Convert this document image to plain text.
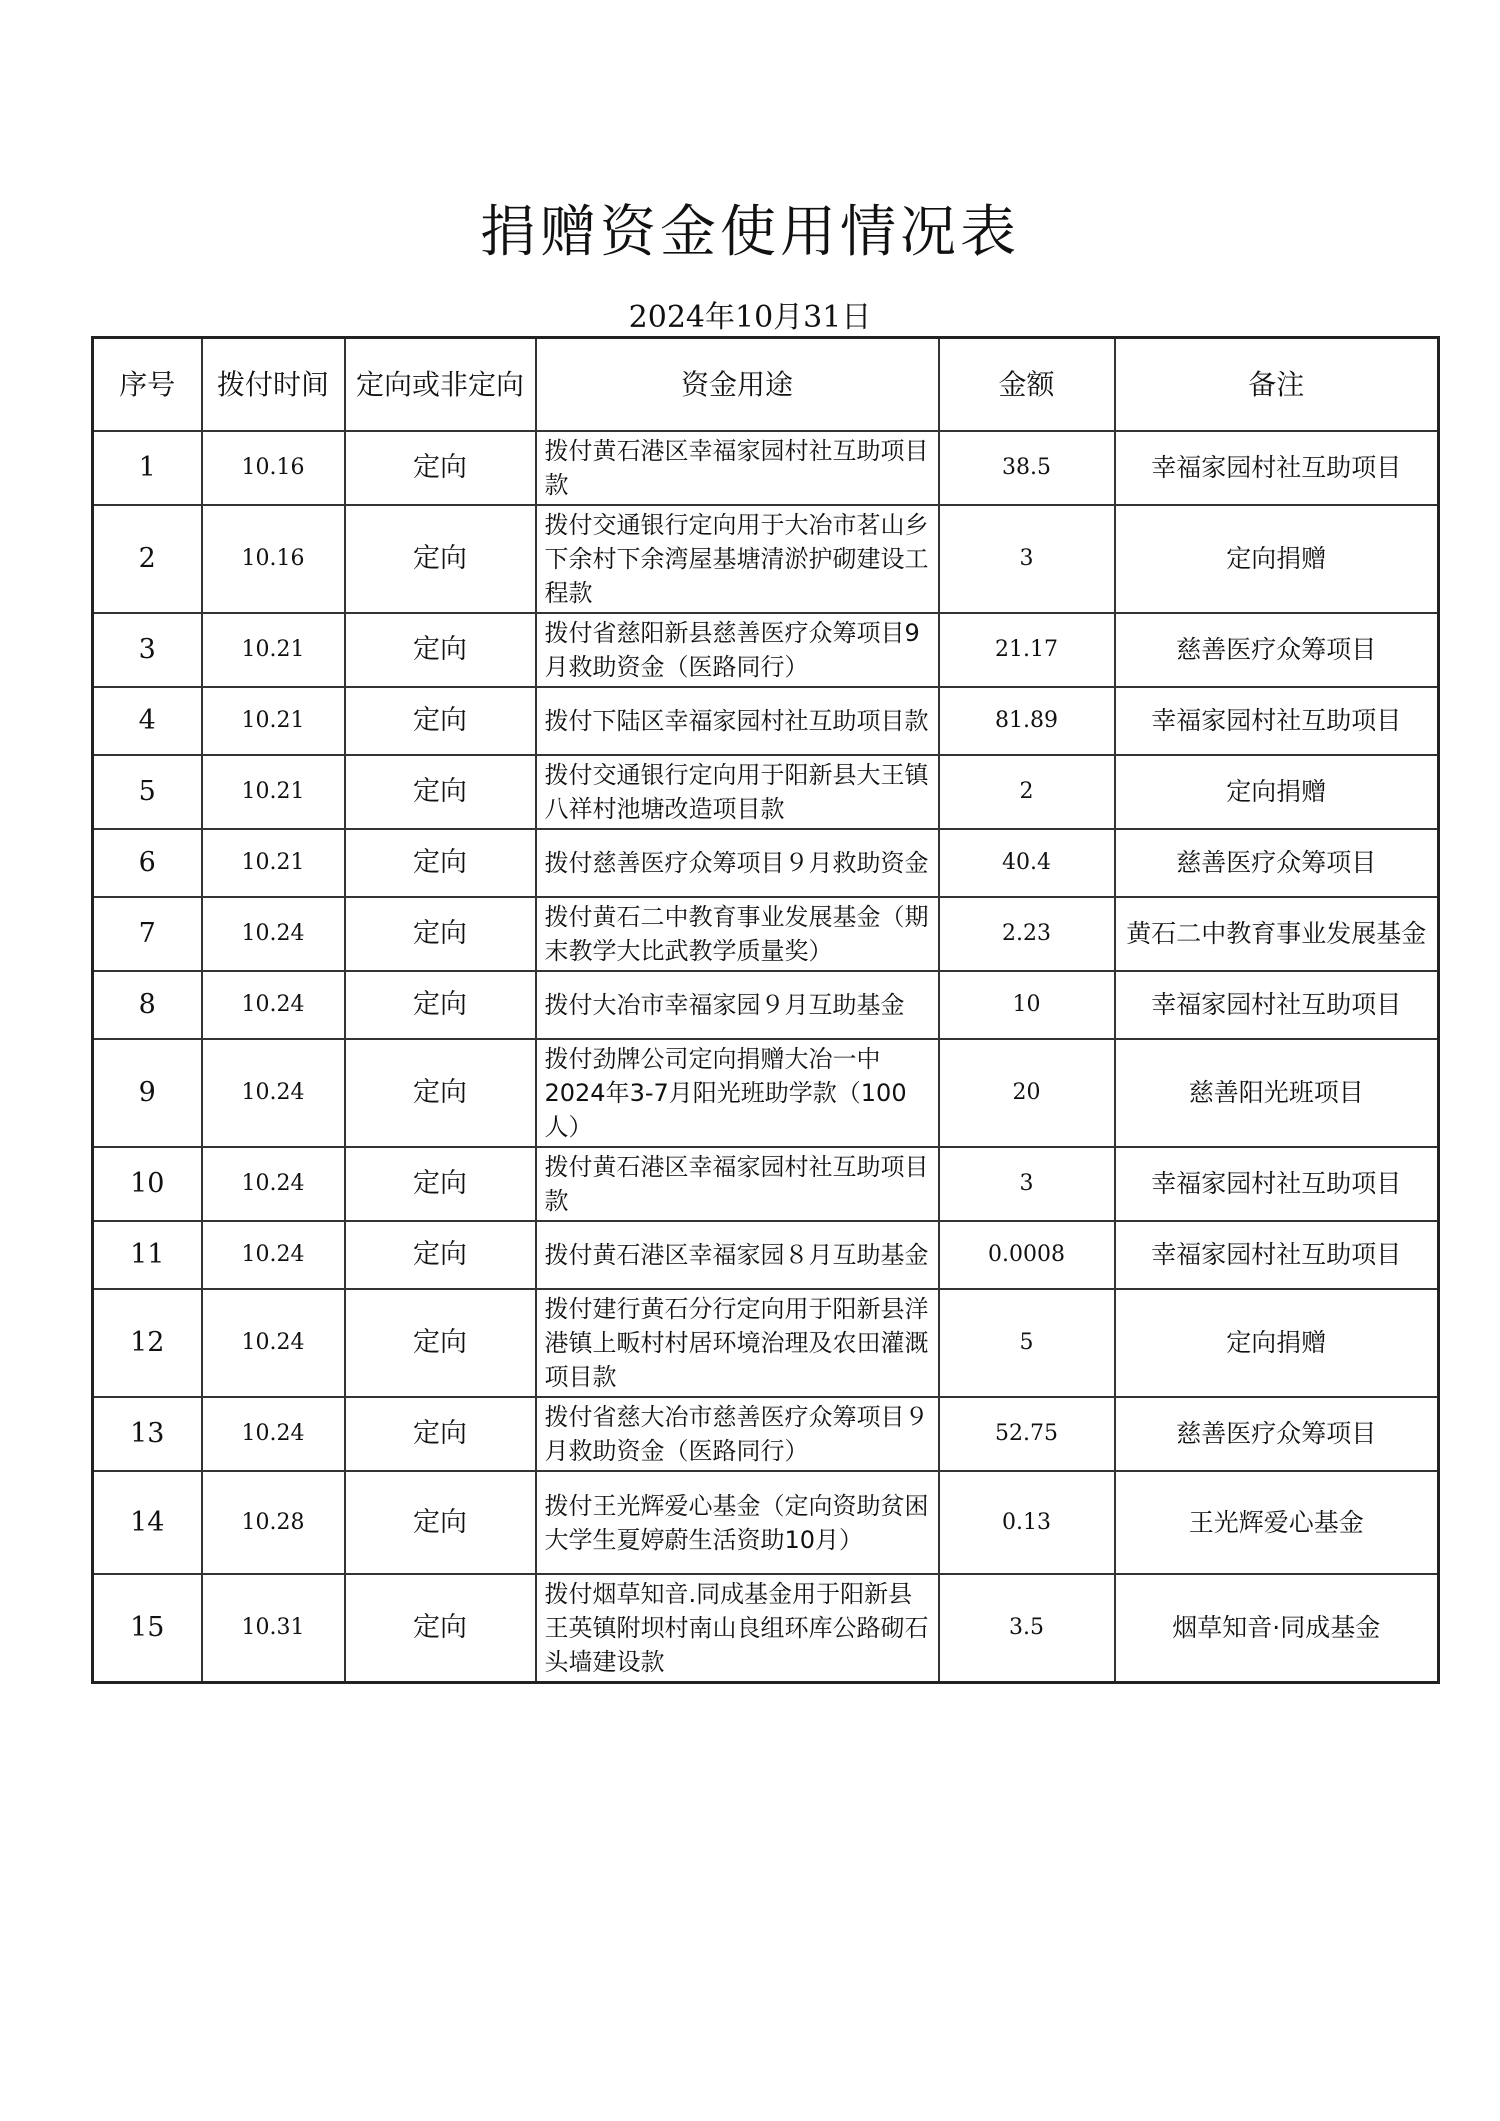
捐赠资金使用情况表
2024年10月31日
序号	拨付时间	定向或非定向	资金用途	金额	备注
1	10.16	定向	拨付黄石港区幸福家园村社互助项目款	38.5	幸福家园村社互助项目
2	10.16	定向	拨付交通银行定向用于大冶市茗山乡下余村下余湾屋基塘清淤护砌建设工程款	3	定向捐赠
3	10.21	定向	拨付省慈阳新县慈善医疗众筹项目9月救助资金（医路同行）	21.17	慈善医疗众筹项目
4	10.21	定向	拨付下陆区幸福家园村社互助项目款	81.89	幸福家园村社互助项目
5	10.21	定向	拨付交通银行定向用于阳新县大王镇八祥村池塘改造项目款	2	定向捐赠
6	10.21	定向	拨付慈善医疗众筹项目９月救助资金	40.4	慈善医疗众筹项目
7	10.24	定向	拨付黄石二中教育事业发展基金（期末教学大比武教学质量奖）	2.23	黄石二中教育事业发展基金
8	10.24	定向	拨付大冶市幸福家园９月互助基金	10	幸福家园村社互助项目
9	10.24	定向	拨付劲牌公司定向捐赠大冶一中2024年3-7月阳光班助学款（100人）	20	慈善阳光班项目
10	10.24	定向	拨付黄石港区幸福家园村社互助项目款	3	幸福家园村社互助项目
11	10.24	定向	拨付黄石港区幸福家园８月互助基金	0.0008	幸福家园村社互助项目
12	10.24	定向	拨付建行黄石分行定向用于阳新县洋港镇上畈村村居环境治理及农田灌溉项目款	5	定向捐赠
13	10.24	定向	拨付省慈大冶市慈善医疗众筹项目９月救助资金（医路同行）	52.75	慈善医疗众筹项目
14	10.28	定向	拨付王光辉爱心基金（定向资助贫困大学生夏婷蔚生活资助10月）	0.13	王光辉爱心基金
15	10.31	定向	拨付烟草知音.同成基金用于阳新县王英镇附坝村南山良组环库公路砌石头墙建设款	3.5	烟草知音·同成基金
